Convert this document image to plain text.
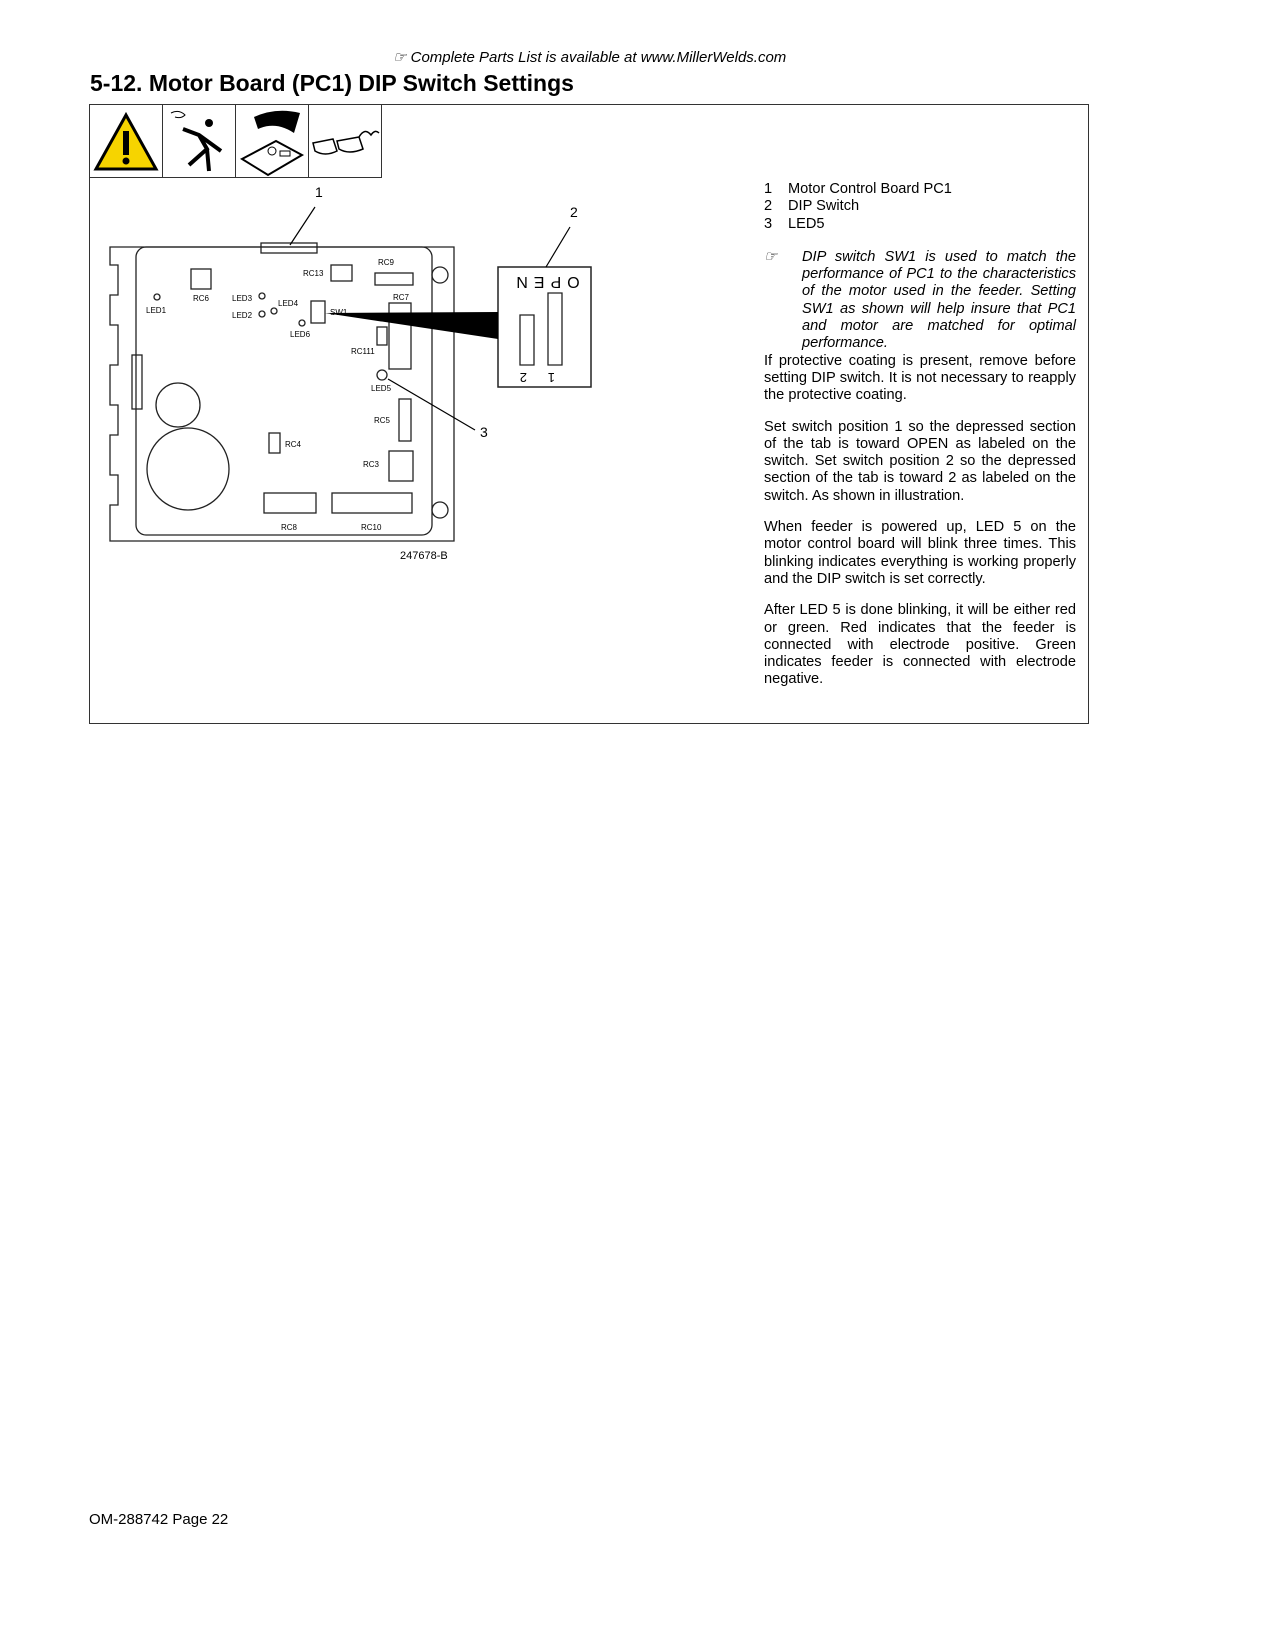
☞ Complete Parts List is available at www.MillerWelds.com
5-12. Motor Board (PC1) DIP Switch Settings
1
2
3
OPEN
2 1
RC6
LED1
LED3
LED2
LED4
LED6
SW1
RC13
RC9
RC7
RC111
LED5
RC5
RC4
RC3
RC8	RC10
247678-B
1	Motor Control Board PC1
2	DIP Switch
3	LED5
☞	DIP switch SW1 is used to match the performance of PC1 to the characteristics of the motor used in the feeder. Setting SW1 as shown will help insure that PC1 and motor are matched for optimal performance.

If protective coating is present, remove before setting DIP switch. It is not necessary to reapply the protective coating.

Set switch position 1 so the depressed section of the tab is toward OPEN as labeled on the switch. Set switch position 2 so the depressed section of the tab is toward 2 as labeled on the switch. As shown in illustration.

When feeder is powered up, LED 5 on the motor control board will blink three times. This blinking indicates everything is working properly and the DIP switch is set correctly.

After LED 5 is done blinking, it will be either red or green. Red indicates that the feeder is connected with electrode positive. Green indicates feeder is connected with electrode negative.

OM-288742 Page 22
